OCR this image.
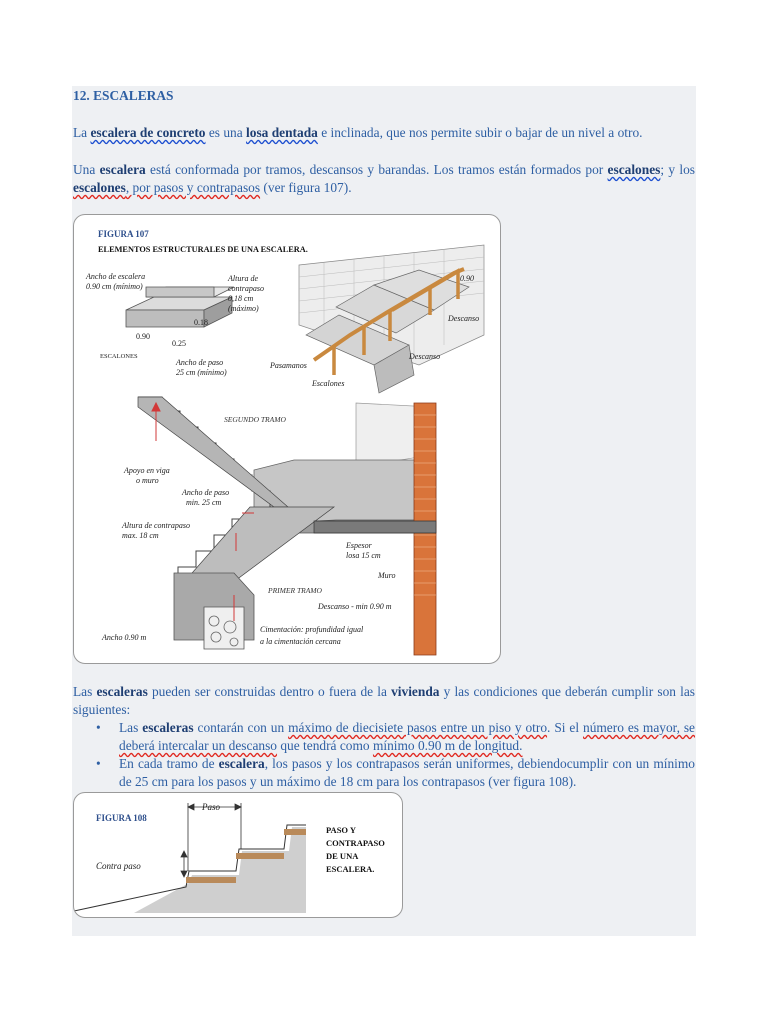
12. ESCALERAS
La escalera de concreto es una losa dentada e inclinada, que nos permite subir o bajar de un nivel a otro.
Una escalera está conformada por tramos, descansos y barandas. Los tramos están formados por escalones; y los escalones, por pasos y contrapasos (ver figura 107).
FIGURA 107
ELEMENTOS ESTRUCTURALES DE UNA ESCALERA.
Ancho de escalera 0.90 cm (mínimo)
Altura de contrapaso 0,18 cm (máximo)
0.18
0.90
0.25
ESCALONES
Ancho de paso 25 cm (mínimo)
0.90
Descanso
Descanso
Pasamanos
Escalones
SEGUNDO TRAMO
Apoyo en viga o muro
Ancho de paso min. 25 cm
Altura de contrapaso max. 18 cm
Espesor losa 15 cm
Muro
PRIMER TRAMO
Descanso - min 0.90 m
Cimentación: profundidad igual a la cimentación cercana
Ancho 0.90 m
Las escaleras pueden ser construidas dentro o fuera de la vivienda y las condiciones que deberán cumplir son las siguientes:
• Las escaleras contarán con un máximo de diecisiete pasos entre un piso y otro. Si el número es mayor, se deberá intercalar un descanso que tendrá como mínimo 0.90 m de longitud.
• En cada tramo de escalera, los pasos y los contrapasos serán uniformes, debiendocumplir con un mínimo de 25 cm para los pasos y un máximo de 18 cm para los contrapasos (ver figura 108).
FIGURA 108
Paso
Contra paso
PASO Y CONTRAPASO DE UNA ESCALERA.
